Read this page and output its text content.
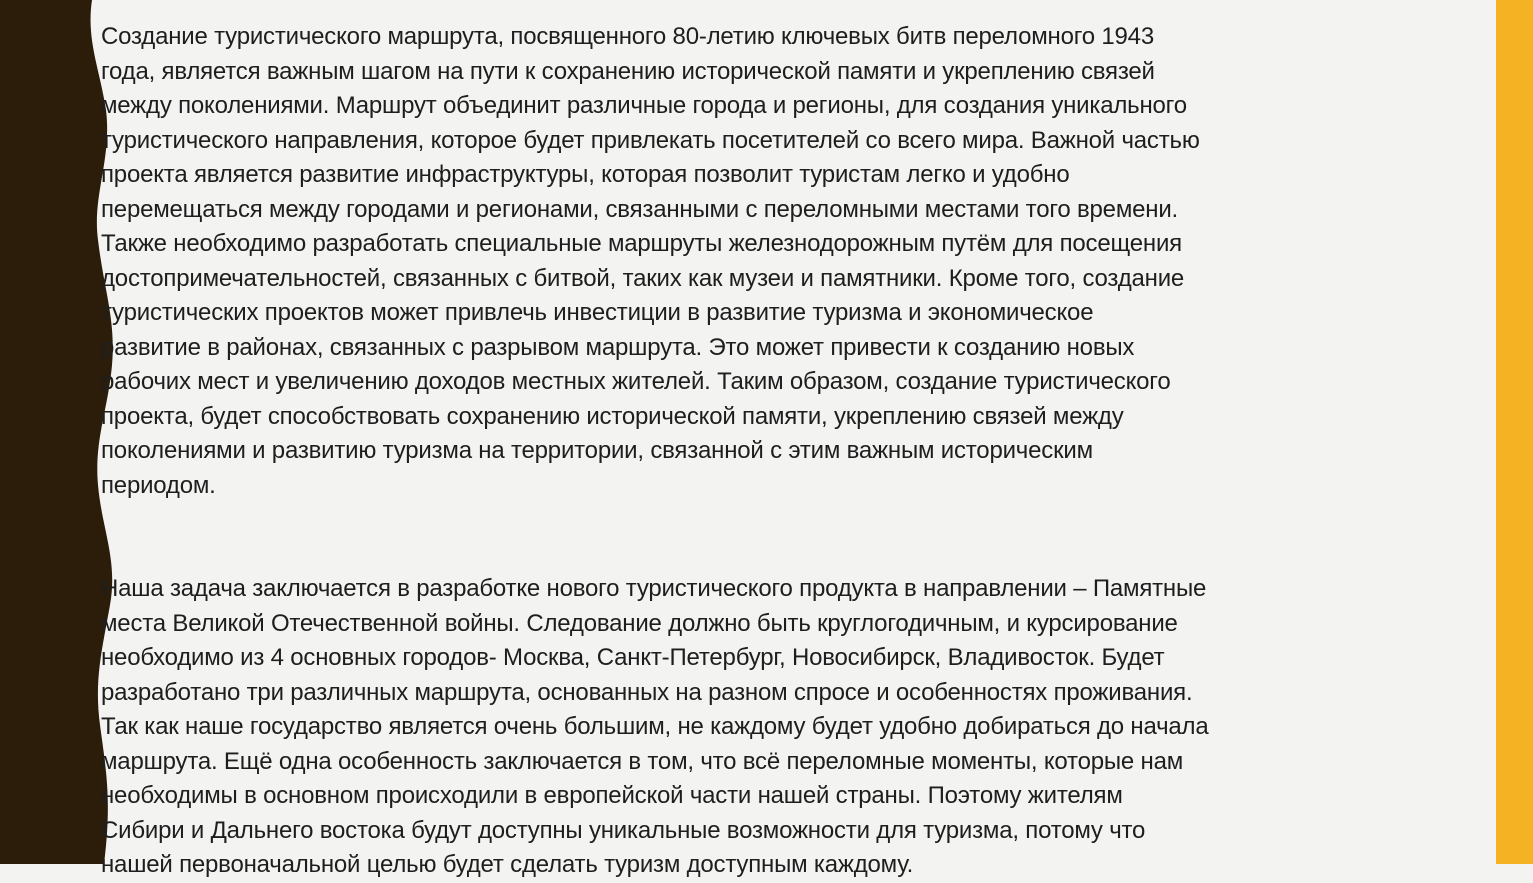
Создание туристического маршрута, посвященного 80-летию ключевых битв переломного 1943
года, является важным шагом на пути к сохранению исторической памяти и укреплению связей
между поколениями. Маршрут объединит различные города и регионы, для создания уникального
туристического направления, которое будет привлекать посетителей со всего мира. Важной частью
проекта является развитие инфраструктуры, которая позволит туристам легко и удобно
перемещаться между городами и регионами, связанными с переломными местами того времени.
Также необходимо разработать специальные маршруты железнодорожным путём для посещения
достопримечательностей, связанных с битвой, таких как музеи и памятники. Кроме того, создание
туристических проектов может привлечь инвестиции в развитие туризма и экономическое
развитие в районах, связанных с разрывом маршрута. Это может привести к созданию новых
рабочих мест и увеличению доходов местных жителей. Таким образом, создание туристического
проекта, будет способствовать сохранению исторической памяти, укреплению связей между
поколениями и развитию туризма на территории, связанной с этим важным историческим
периодом.

Наша задача заключается в разработке нового туристического продукта в направлении – Памятные
места Великой Отечественной войны. Следование должно быть круглогодичным, и курсирование
необходимо из 4 основных городов- Москва, Санкт-Петербург, Новосибирск, Владивосток. Будет
разработано три различных маршрута, основанных на разном спросе и особенностях проживания.
Так как наше государство является очень большим, не каждому будет удобно добираться до начала
маршрута. Ещё одна особенность заключается в том, что всё переломные моменты, которые нам
необходимы в основном происходили в европейской части нашей страны. Поэтому жителям
Сибири и Дальнего востока будут доступны уникальные возможности для туризма, потому что
нашей первоначальной целью будет сделать туризм доступным каждому.
